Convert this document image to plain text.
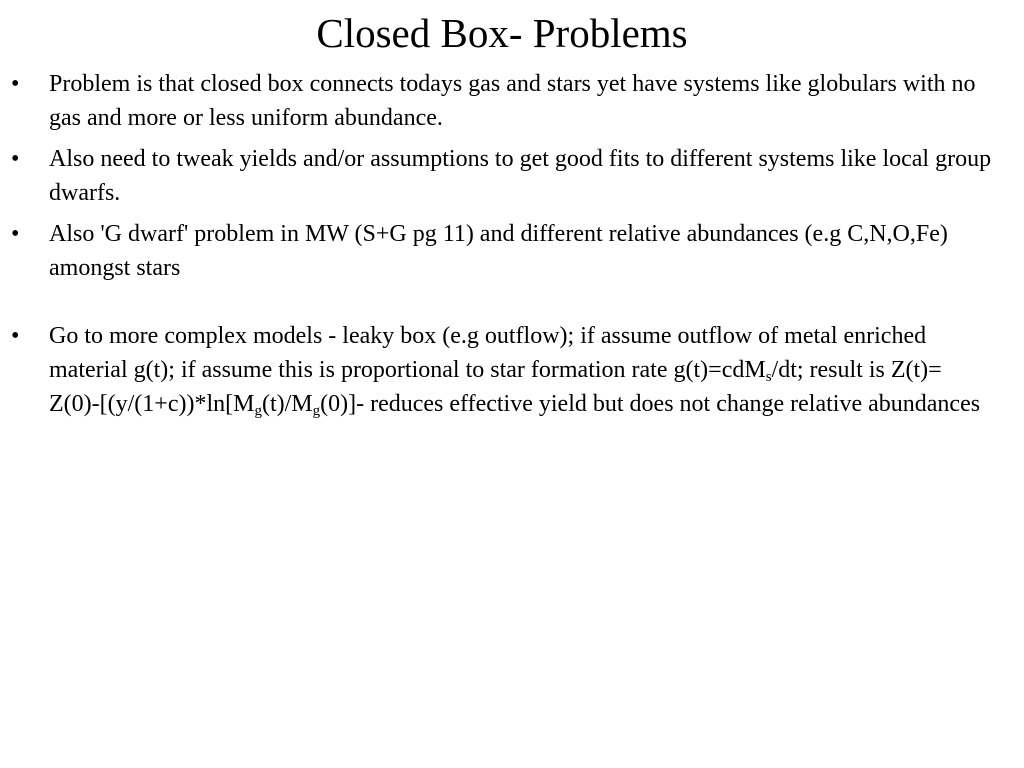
Closed Box- Problems
•	Problem is that closed box connects todays gas and stars yet have systems like globulars with no gas and more or less uniform abundance.
•	Also need to tweak yields and/or assumptions to get good fits to different systems like local group dwarfs.
•	Also 'G dwarf' problem in MW (S+G pg 11) and different relative abundances (e.g C,N,O,Fe) amongst stars
•	Go to more complex models - leaky box (e.g outflow); if assume outflow of metal enriched material g(t); if assume this is proportional to star formation rate g(t)=cdM$_s$/dt; result is $Z(t)= Z(0)-[(y/(1+c))*\ln[M_g(t)/M_g(0)]-$ reduces effective yield but does not change relative abundances
